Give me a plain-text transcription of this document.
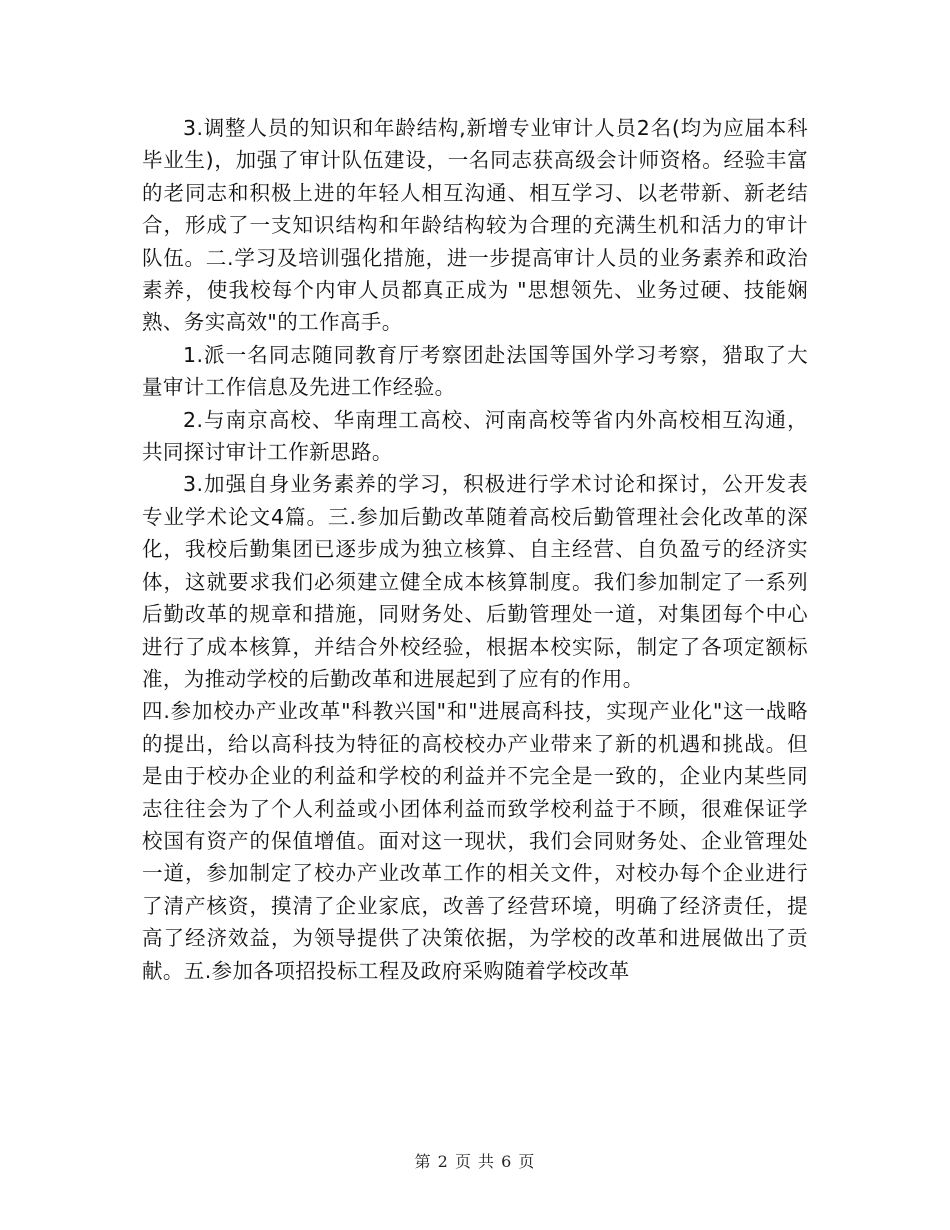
3.调整人员的知识和年龄结构,新增专业审计人员2名(均为应届本科毕业生)，加强了审计队伍建设，一名同志获高级会计师资格。经验丰富的老同志和积极上进的年轻人相互沟通、相互学习、以老带新、新老结合，形成了一支知识结构和年龄结构较为合理的充满生机和活力的审计队伍。二.学习及培训强化措施，进一步提高审计人员的业务素养和政治素养，使我校每个内审人员都真正成为 "思想领先、业务过硬、技能娴熟、务实高效"的工作高手。

1.派一名同志随同教育厅考察团赴法国等国外学习考察，猎取了大量审计工作信息及先进工作经验。

2.与南京高校、华南理工高校、河南高校等省内外高校相互沟通，共同探讨审计工作新思路。

3.加强自身业务素养的学习，积极进行学术讨论和探讨，公开发表专业学术论文4篇。三.参加后勤改革随着高校后勤管理社会化改革的深化，我校后勤集团已逐步成为独立核算、自主经营、自负盈亏的经济实体，这就要求我们必须建立健全成本核算制度。我们参加制定了一系列后勤改革的规章和措施，同财务处、后勤管理处一道，对集团每个中心进行了成本核算，并结合外校经验，根据本校实际，制定了各项定额标准，为推动学校的后勤改革和进展起到了应有的作用。

四.参加校办产业改革"科教兴国"和"进展高科技，实现产业化"这一战略的提出，给以高科技为特征的高校校办产业带来了新的机遇和挑战。但是由于校办企业的利益和学校的利益并不完全是一致的，企业内某些同志往往会为了个人利益或小团体利益而致学校利益于不顾，很难保证学校国有资产的保值增值。面对这一现状，我们会同财务处、企业管理处一道，参加制定了校办产业改革工作的相关文件，对校办每个企业进行了清产核资，摸清了企业家底，改善了经营环境，明确了经济责任，提高了经济效益，为领导提供了决策依据，为学校的改革和进展做出了贡献。五.参加各项招投标工程及政府采购随着学校改革

第 2 页 共 6 页
